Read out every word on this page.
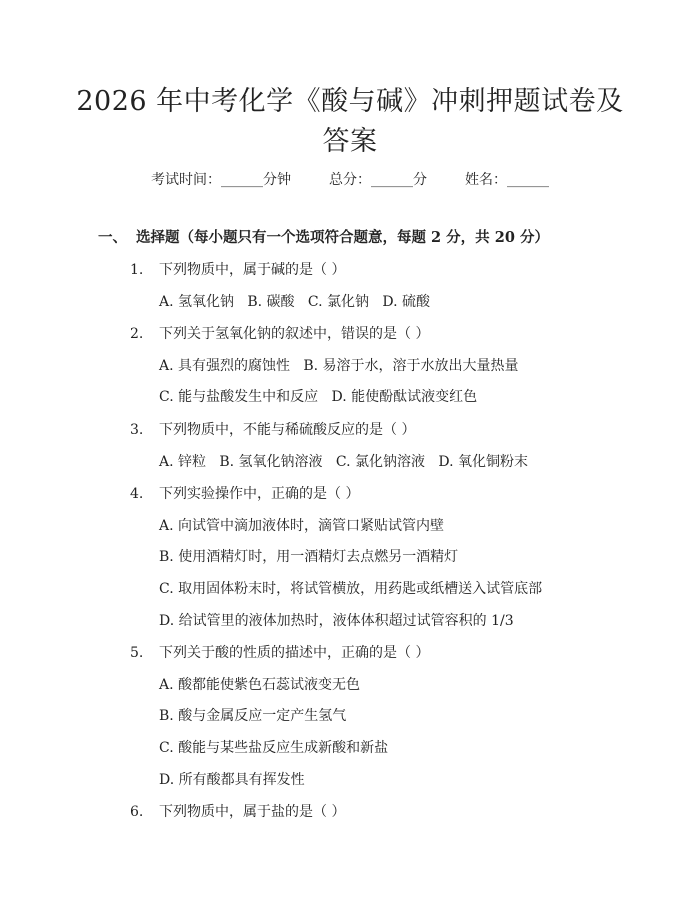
2026 年中考化学《酸与碱》冲刺押题试卷及
答案
考试时间：______分钟	总分：______分	姓名：______
一、 选择题（每小题只有一个选项符合题意，每题 2 分，共 20 分）
1. 下列物质中，属于碱的是（ ）
A. 氢氧化钠   B. 碳酸   C. 氯化钠   D. 硫酸
2. 下列关于氢氧化钠的叙述中，错误的是（ ）
A. 具有强烈的腐蚀性   B. 易溶于水，溶于水放出大量热量
C. 能与盐酸发生中和反应   D. 能使酚酞试液变红色
3. 下列物质中，不能与稀硫酸反应的是（ ）
A. 锌粒   B. 氢氧化钠溶液   C. 氯化钠溶液   D. 氧化铜粉末
4. 下列实验操作中，正确的是（ ）
A. 向试管中滴加液体时，滴管口紧贴试管内壁
B. 使用酒精灯时，用一酒精灯去点燃另一酒精灯
C. 取用固体粉末时，将试管横放，用药匙或纸槽送入试管底部
D. 给试管里的液体加热时，液体体积超过试管容积的 1/3
5. 下列关于酸的性质的描述中，正确的是（ ）
A. 酸都能使紫色石蕊试液变无色
B. 酸与金属反应一定产生氢气
C. 酸能与某些盐反应生成新酸和新盐
D. 所有酸都具有挥发性
6. 下列物质中，属于盐的是（ ）
